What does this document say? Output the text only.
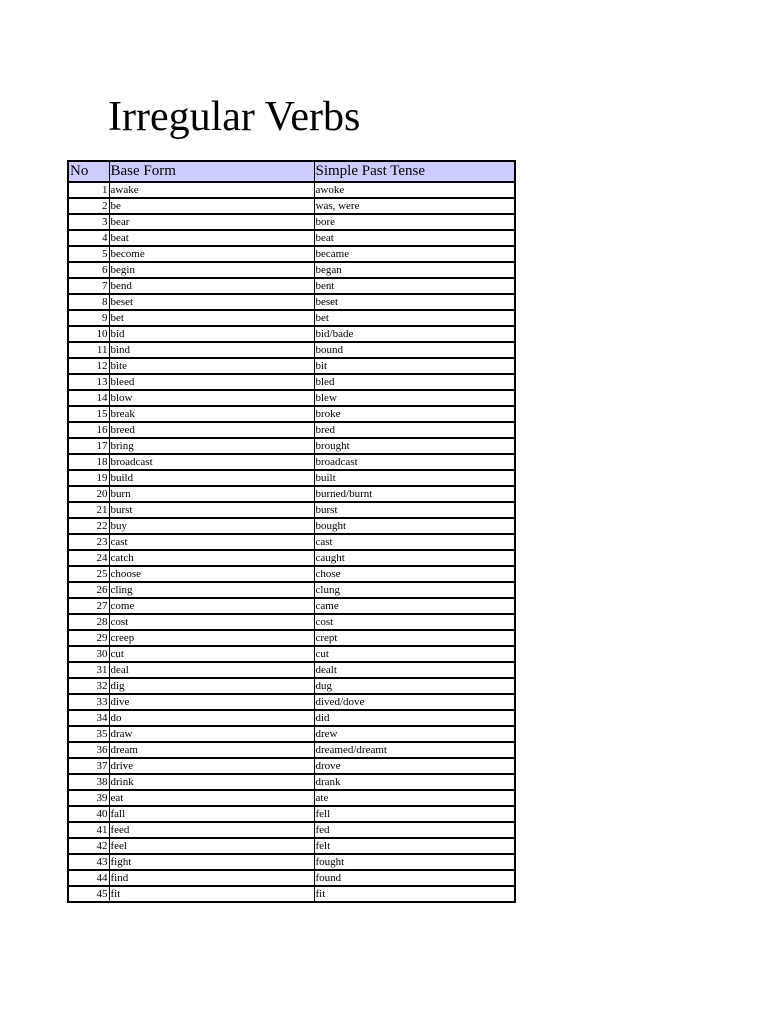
Irregular Verbs
No	Base Form	Simple Past Tense
1	awake	awoke
2	be	was, were
3	bear	bore
4	beat	beat
5	become	became
6	begin	began
7	bend	bent
8	beset	beset
9	bet	bet
10	bid	bid/bade
11	bind	bound
12	bite	bit
13	bleed	bled
14	blow	blew
15	break	broke
16	breed	bred
17	bring	brought
18	broadcast	broadcast
19	build	built
20	burn	burned/burnt
21	burst	burst
22	buy	bought
23	cast	cast
24	catch	caught
25	choose	chose
26	cling	clung
27	come	came
28	cost	cost
29	creep	crept
30	cut	cut
31	deal	dealt
32	dig	dug
33	dive	dived/dove
34	do	did
35	draw	drew
36	dream	dreamed/dreamt
37	drive	drove
38	drink	drank
39	eat	ate
40	fall	fell
41	feed	fed
42	feel	felt
43	fight	fought
44	find	found
45	fit	fit
